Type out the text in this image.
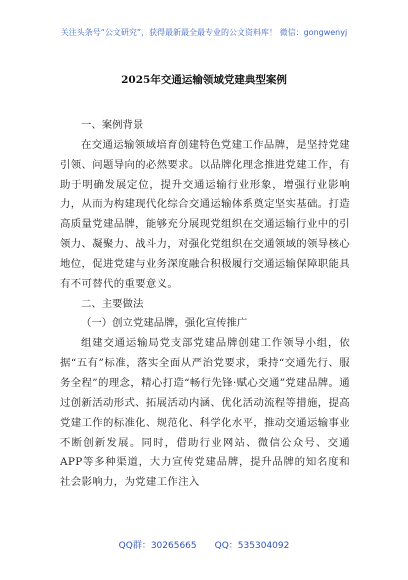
关注头条号“公文研究”，获得最新最全最专业的公文资料库！ 微信：gongwenyj
2025年交通运输领域党建典型案例

一、案例背景

在交通运输领域培育创建特色党建工作品牌，是坚持党建引领、问题导向的必然要求。以品牌化理念推进党建工作，有助于明确发展定位，提升交通运输行业形象，增强行业影响力，从而为构建现代化综合交通运输体系奠定坚实基础。打造高质量党建品牌，能够充分展现党组织在交通运输行业中的引领力、凝聚力、战斗力，对强化党组织在交通领域的领导核心地位，促进党建与业务深度融合积极履行交通运输保障职能具有不可替代的重要意义。

二、主要做法

（一）创立党建品牌，强化宣传推广

组建交通运输局党支部党建品牌创建工作领导小组，依据“五有”标准，落实全面从严治党要求，秉持“交通先行、服务全程”的理念，精心打造“畅行先锋·赋心交通”党建品牌。通过创新活动形式、拓展活动内涵、优化活动流程等措施，提高党建工作的标准化、规范化、科学化水平，推动交通运输事业不断创新发展。同时，借助行业网站、微信公众号、交通APP等多种渠道，大力宣传党建品牌，提升品牌的知名度和社会影响力，为党建工作注入

QQ群：30265665 QQ：535304092
